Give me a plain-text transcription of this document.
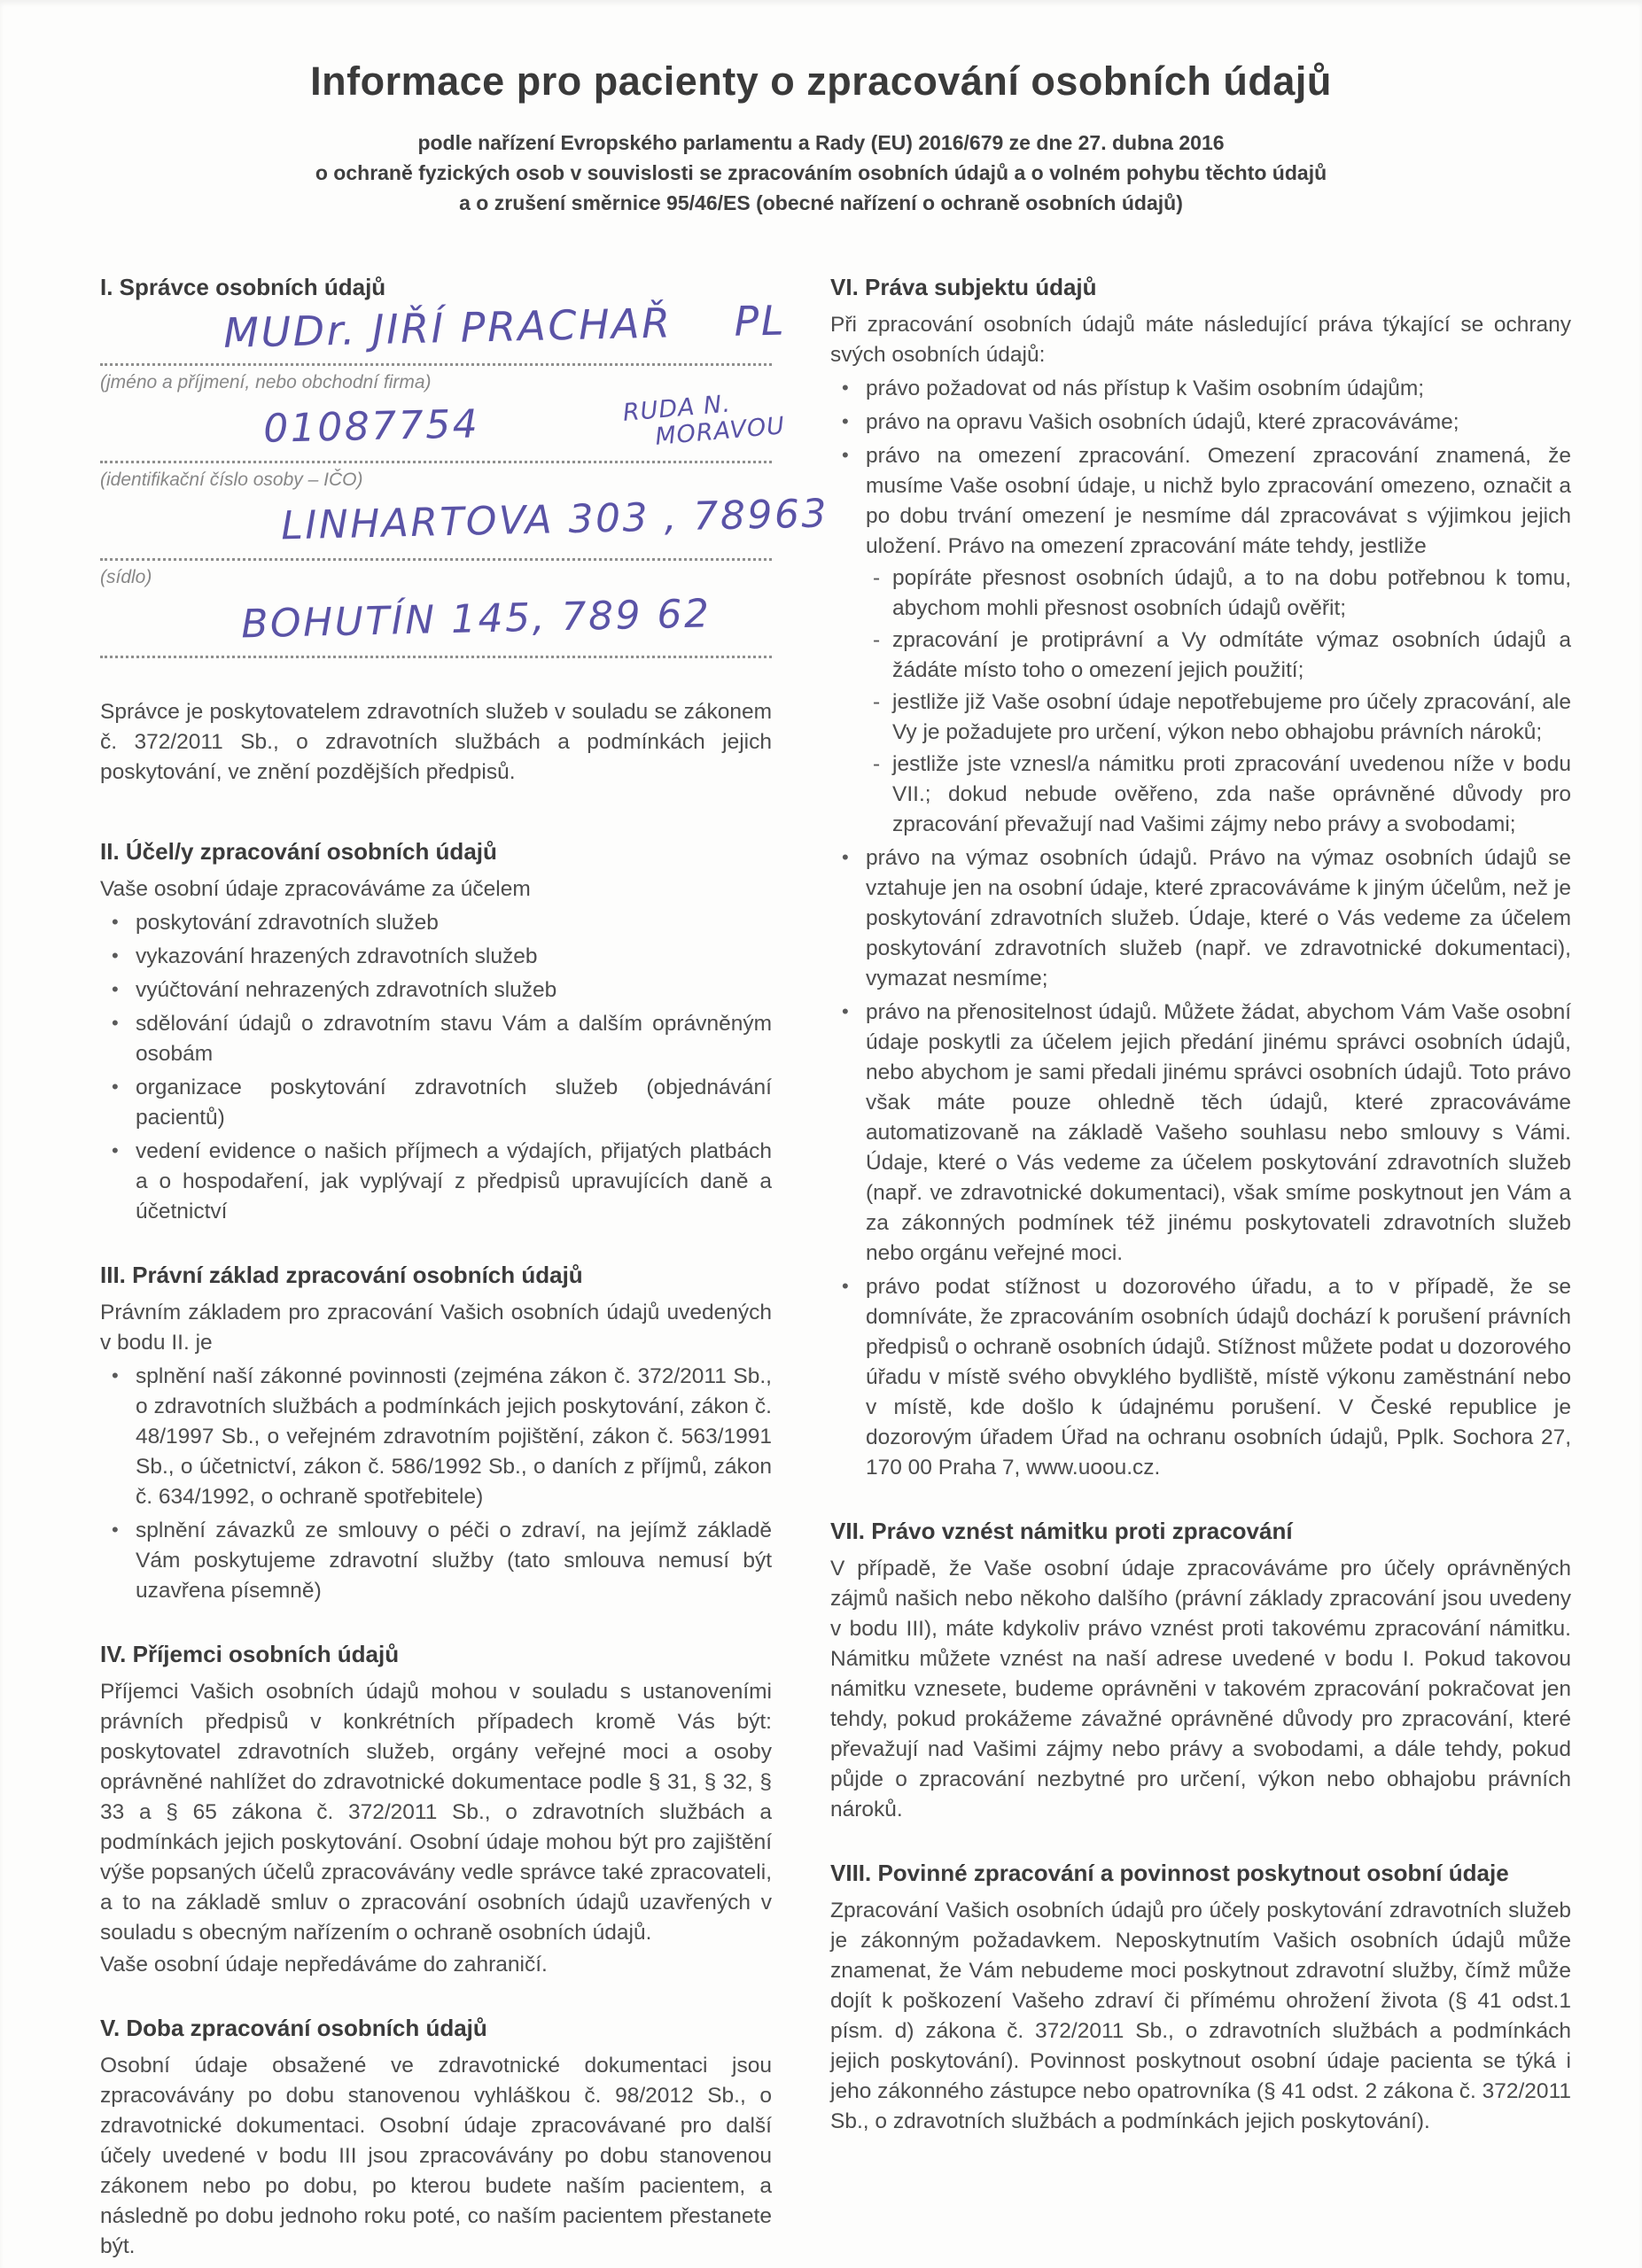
Informace pro pacienty o zpracování osobních údajů

podle nařízení Evropského parlamentu a Rady (EU) 2016/679 ze dne 27. dubna 2016

o ochraně fyzických osob v souvislosti se zpracováním osobních údajů a o volném pohybu těchto údajů

a o zrušení směrnice 95/46/ES (obecné nařízení o ochraně osobních údajů)

I. Správce osobních údajů
MUDr. JIŘÍ PRACHAŘ PL
(jméno a příjmení, nebo obchodní firma)
01087754	RUDA N.
MORAVOU
(identifikační číslo osoby – IČO)
LINHARTOVA 303 , 78963
(sídlo)
BOHUTÍN 145, 789 62

Správce je poskytovatelem zdravotních služeb v souladu se zákonem č. 372/2011 Sb., o zdravotních službách a podmínkách jejich poskytování, ve znění pozdějších předpisů.

II. Účel/y zpracování osobních údajů

Vaše osobní údaje zpracováváme za účelem

• poskytování zdravotních služeb
• vykazování hrazených zdravotních služeb
• vyúčtování nehrazených zdravotních služeb
• sdělování údajů o zdravotním stavu Vám a dalším oprávněným osobám
• organizace poskytování zdravotních služeb (objednávání pacientů)
• vedení evidence o našich příjmech a výdajích, přijatých platbách a o hospodaření, jak vyplývají z předpisů upravujících daně a účetnictví
III. Právní základ zpracování osobních údajů

Právním základem pro zpracování Vašich osobních údajů uvedených v bodu II. je

• splnění naší zákonné povinnosti (zejména zákon č. 372/2011 Sb., o zdravotních službách a podmínkách jejich poskytování, zákon č. 48/1997 Sb., o veřejném zdravotním pojištění, zákon č. 563/1991 Sb., o účetnictví, zákon č. 586/1992 Sb., o daních z příjmů, zákon č. 634/1992, o ochraně spotřebitele)
• splnění závazků ze smlouvy o péči o zdraví, na jejímž základě Vám poskytujeme zdravotní služby (tato smlouva nemusí být uzavřena písemně)
IV. Příjemci osobních údajů

Příjemci Vašich osobních údajů mohou v souladu s ustanoveními právních předpisů v konkrétních případech kromě Vás být: poskytovatel zdravotních služeb, orgány veřejné moci a osoby oprávněné nahlížet do zdravotnické dokumentace podle § 31, § 32, § 33 a § 65 zákona č. 372/2011 Sb., o zdravotních službách a podmínkách jejich poskytování. Osobní údaje mohou být pro zajištění výše popsaných účelů zpracovávány vedle správce také zpracovateli, a to na základě smluv o zpracování osobních údajů uzavřených v souladu s obecným nařízením o ochraně osobních údajů.

Vaše osobní údaje nepředáváme do zahraničí.

V. Doba zpracování osobních údajů

Osobní údaje obsažené ve zdravotnické dokumentaci jsou zpracovávány po dobu stanovenou vyhláškou č. 98/2012 Sb., o zdravotnické dokumentaci. Osobní údaje zpracovávané pro další účely uvedené v bodu III jsou zpracovávány po dobu stanovenou zákonem nebo po dobu, po kterou budete naším pacientem, a následně po dobu jednoho roku poté, co naším pacientem přestanete být.

VI. Práva subjektu údajů

Při zpracování osobních údajů máte následující práva týkající se ochrany svých osobních údajů:

• právo požadovat od nás přístup k Vašim osobním údajům;
• právo na opravu Vašich osobních údajů, které zpracováváme;
• právo na omezení zpracování. Omezení zpracování znamená, že musíme Vaše osobní údaje, u nichž bylo zpracování omezeno, označit a po dobu trvání omezení je nesmíme dál zpracovávat s výjimkou jejich uložení. Právo na omezení zpracování máte tehdy, jestliže
- popíráte přesnost osobních údajů, a to na dobu potřebnou k tomu, abychom mohli přesnost osobních údajů ověřit;
- zpracování je protiprávní a Vy odmítáte výmaz osobních údajů a žádáte místo toho o omezení jejich použití;
- jestliže již Vaše osobní údaje nepotřebujeme pro účely zpracování, ale Vy je požadujete pro určení, výkon nebo obhajobu právních nároků;
- jestliže jste vznesl/a námitku proti zpracování uvedenou níže v bodu VII.; dokud nebude ověřeno, zda naše oprávněné důvody pro zpracování převažují nad Vašimi zájmy nebo právy a svobodami;
• právo na výmaz osobních údajů. Právo na výmaz osobních údajů se vztahuje jen na osobní údaje, které zpracováváme k jiným účelům, než je poskytování zdravotních služeb. Údaje, které o Vás vedeme za účelem poskytování zdravotních služeb (např. ve zdravotnické dokumentaci), vymazat nesmíme;
• právo na přenositelnost údajů. Můžete žádat, abychom Vám Vaše osobní údaje poskytli za účelem jejich předání jinému správci osobních údajů, nebo abychom je sami předali jinému správci osobních údajů. Toto právo však máte pouze ohledně těch údajů, které zpracováváme automatizovaně na základě Vašeho souhlasu nebo smlouvy s Vámi. Údaje, které o Vás vedeme za účelem poskytování zdravotních služeb (např. ve zdravotnické dokumentaci), však smíme poskytnout jen Vám a za zákonných podmínek též jinému poskytovateli zdravotních služeb nebo orgánu veřejné moci.
• právo podat stížnost u dozorového úřadu, a to v případě, že se domníváte, že zpracováním osobních údajů dochází k porušení právních předpisů o ochraně osobních údajů. Stížnost můžete podat u dozorového úřadu v místě svého obvyklého bydliště, místě výkonu zaměstnání nebo v místě, kde došlo k údajnému porušení. V České republice je dozorovým úřadem Úřad na ochranu osobních údajů, Pplk. Sochora 27, 170 00 Praha 7, www.uoou.cz.
VII. Právo vznést námitku proti zpracování

V případě, že Vaše osobní údaje zpracováváme pro účely oprávněných zájmů našich nebo někoho dalšího (právní základy zpracování jsou uvedeny v bodu III), máte kdykoliv právo vznést proti takovému zpracování námitku. Námitku můžete vznést na naší adrese uvedené v bodu I. Pokud takovou námitku vznesete, budeme oprávněni v takovém zpracování pokračovat jen tehdy, pokud prokážeme závažné oprávněné důvody pro zpracování, které převažují nad Vašimi zájmy nebo právy a svobodami, a dále tehdy, pokud půjde o zpracování nezbytné pro určení, výkon nebo obhajobu právních nároků.

VIII. Povinné zpracování a povinnost poskytnout osobní údaje

Zpracování Vašich osobních údajů pro účely poskytování zdravotních služeb je zákonným požadavkem. Neposkytnutím Vašich osobních údajů může znamenat, že Vám nebudeme moci poskytnout zdravotní služby, čímž může dojít k poškození Vašeho zdraví či přímému ohrožení života (§ 41 odst.1 písm. d) zákona č. 372/2011 Sb., o zdravotních službách a podmínkách jejich poskytování). Povinnost poskytnout osobní údaje pacienta se týká i jeho zákonného zástupce nebo opatrovníka (§ 41 odst. 2 zákona č. 372/2011 Sb., o zdravotních službách a podmínkách jejich poskytování).
